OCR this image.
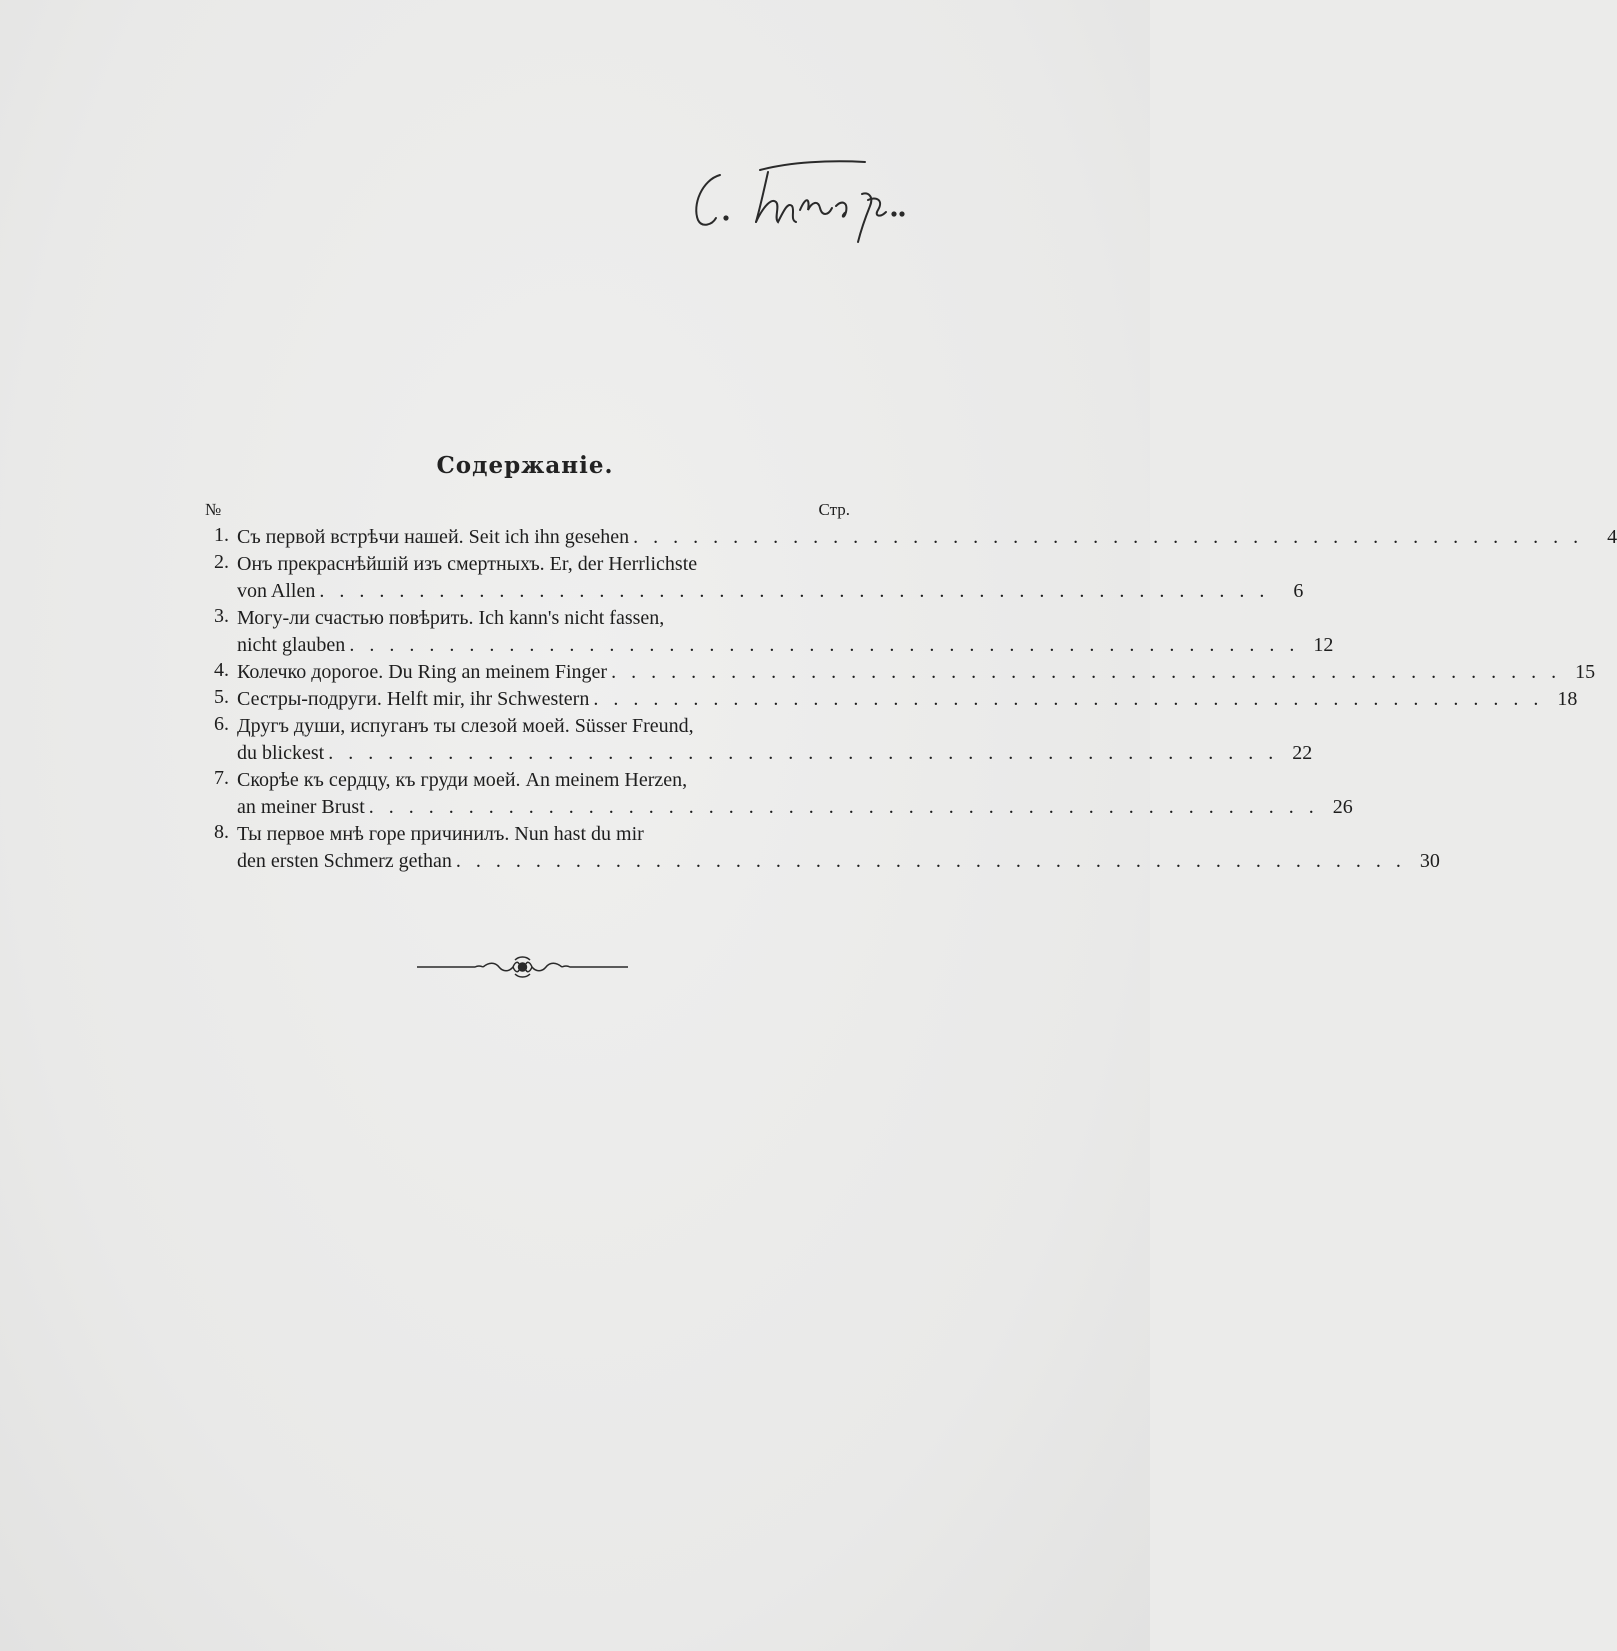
Содержаніе.
№	Стр.
1. Съ первой встрѣчи нашей. Seit ich ihn gesehen . . .	4
2. Онъ прекраснѣйшій изъ смертныхъ. Er, der Herrlichste
von Allen . . .	6
3. Могу-ли счастью повѣрить. Ich kann's nicht fassen,
nicht glauben . . .	12
4. Колечко дорогое. Du Ring an meinem Finger . . .	15
5. Сестры-подруги. Helft mir, ihr Schwestern . . .	18
6. Другъ души, испуганъ ты слезой моей. Süsser Freund,
du blickest . . .	22
7. Скорѣе къ сердцу, къ груди моей. An meinem Herzen,
an meiner Brust . . .	26
8. Ты первое мнѣ горе причинилъ. Nun hast du mir
den ersten Schmerz gethan . . .	30
